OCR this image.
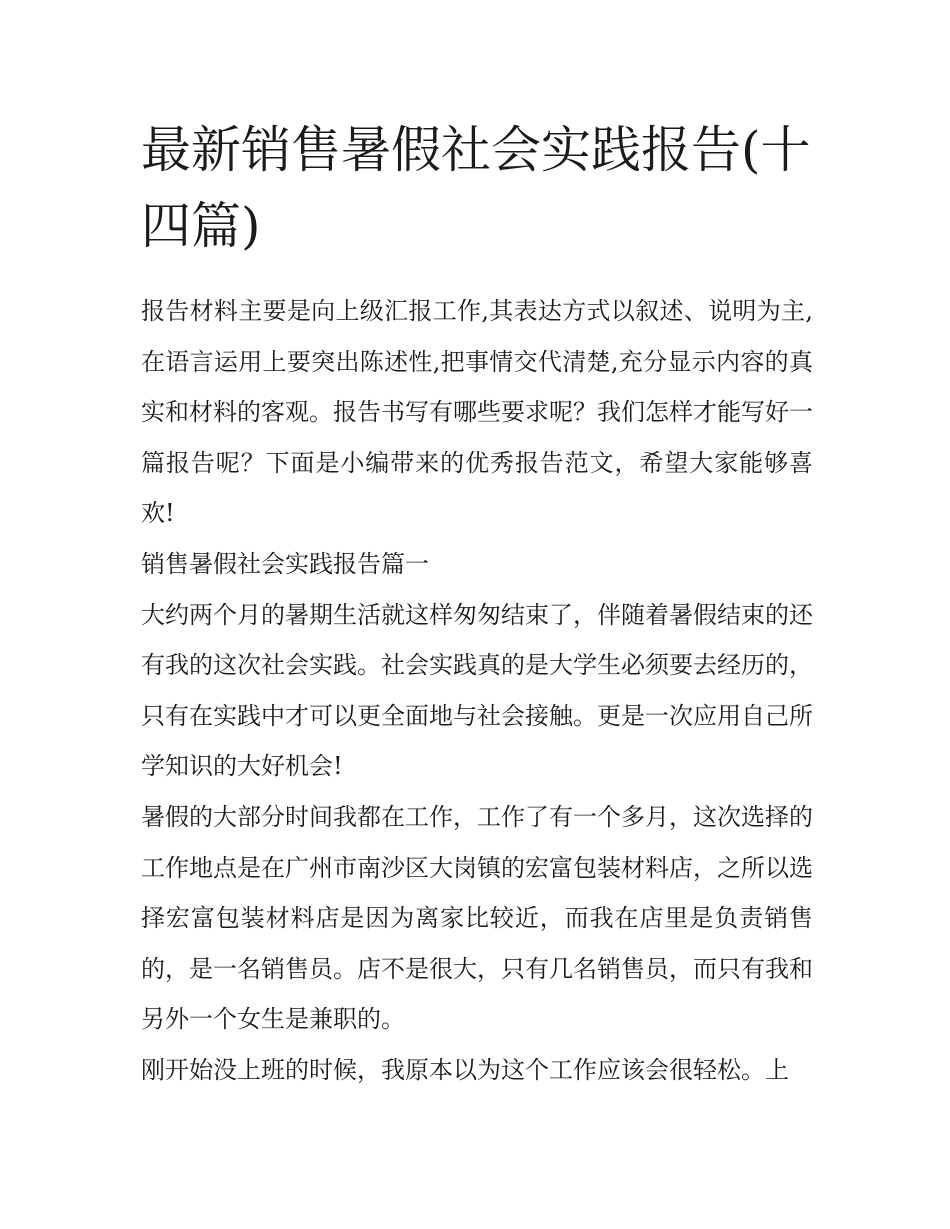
最新销售暑假社会实践报告(十四篇)

报告材料主要是向上级汇报工作,其表达方式以叙述、说明为主,在语言运用上要突出陈述性,把事情交代清楚,充分显示内容的真实和材料的客观。报告书写有哪些要求呢？我们怎样才能写好一篇报告呢？下面是小编带来的优秀报告范文，希望大家能够喜欢!

销售暑假社会实践报告篇一

大约两个月的暑期生活就这样匆匆结束了，伴随着暑假结束的还有我的这次社会实践。社会实践真的是大学生必须要去经历的，只有在实践中才可以更全面地与社会接触。更是一次应用自己所学知识的大好机会!

暑假的大部分时间我都在工作，工作了有一个多月，这次选择的工作地点是在广州市南沙区大岗镇的宏富包装材料店，之所以选择宏富包装材料店是因为离家比较近，而我在店里是负责销售的，是一名销售员。店不是很大，只有几名销售员，而只有我和另外一个女生是兼职的。

刚开始没上班的时候，我原本以为这个工作应该会很轻松。上
